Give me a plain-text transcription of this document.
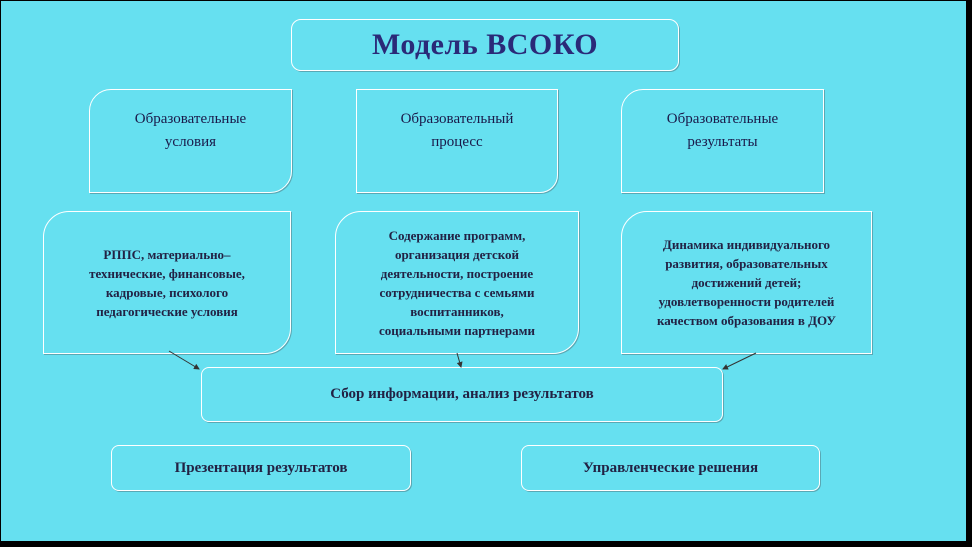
Модель ВСОКО
Образовательные
условия
Образовательный
процесс
Образовательные
результаты
РППС, материально–
технические, финансовые,
кадровые, психолого
педагогические условия
Содержание программ,
организация детской
деятельности, построение
сотрудничества с семьями
воспитанников,
социальными партнерами
Динамика индивидуального
развития, образовательных
достижений детей;
удовлетворенности родителей
качеством образования в ДОУ
Сбор информации, анализ результатов
Презентация результатов	Управленческие решения
